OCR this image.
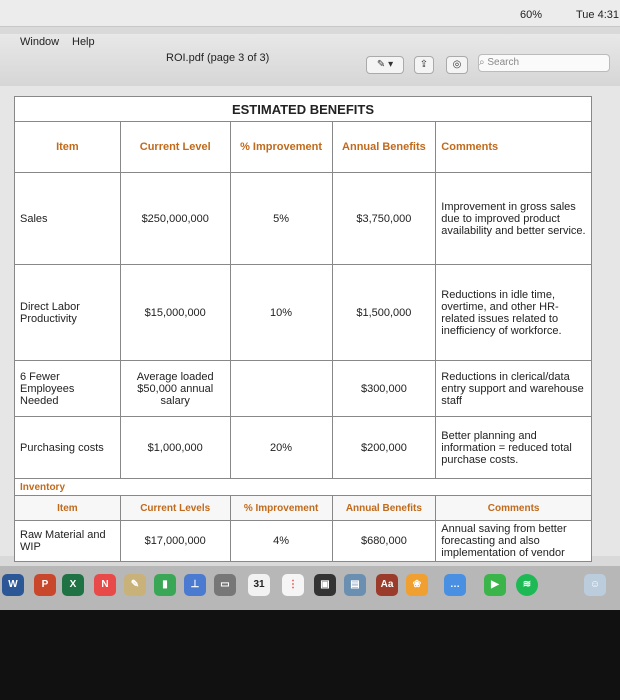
60%	Tue 4:31
Window Help
ROI.pdf (page 3 of 3)
✎ ▾	⇪	◎	⌕ Search
ESTIMATED BENEFITS				
Item	Current Level	% Improvement	Annual Benefits	Comments
Sales	$250,000,000	5%	$3,750,000	Improvement in gross sales due to improved product availability and better service.
Direct Labor Productivity	$15,000,000	10%	$1,500,000	Reductions in idle time, overtime, and other HR-related issues related to inefficiency of workforce.
6 Fewer Employees Needed	Average loaded $50,000 annual salary		$300,000	Reductions in clerical/data entry support and warehouse staff
Purchasing costs	$1,000,000	20%	$200,000	Better planning and information = reduced total purchase costs.
Inventory				
Item	Current Levels	% Improvement	Annual Benefits	Comments
Raw Material and WIP	$17,000,000	4%	$680,000	Annual saving from better forecasting and also implementation of vendor
W	P	X	N	✎	▮	⊥	▭	31	⋮	▣	▤	Aa	❀	…	▶	≋	☺
